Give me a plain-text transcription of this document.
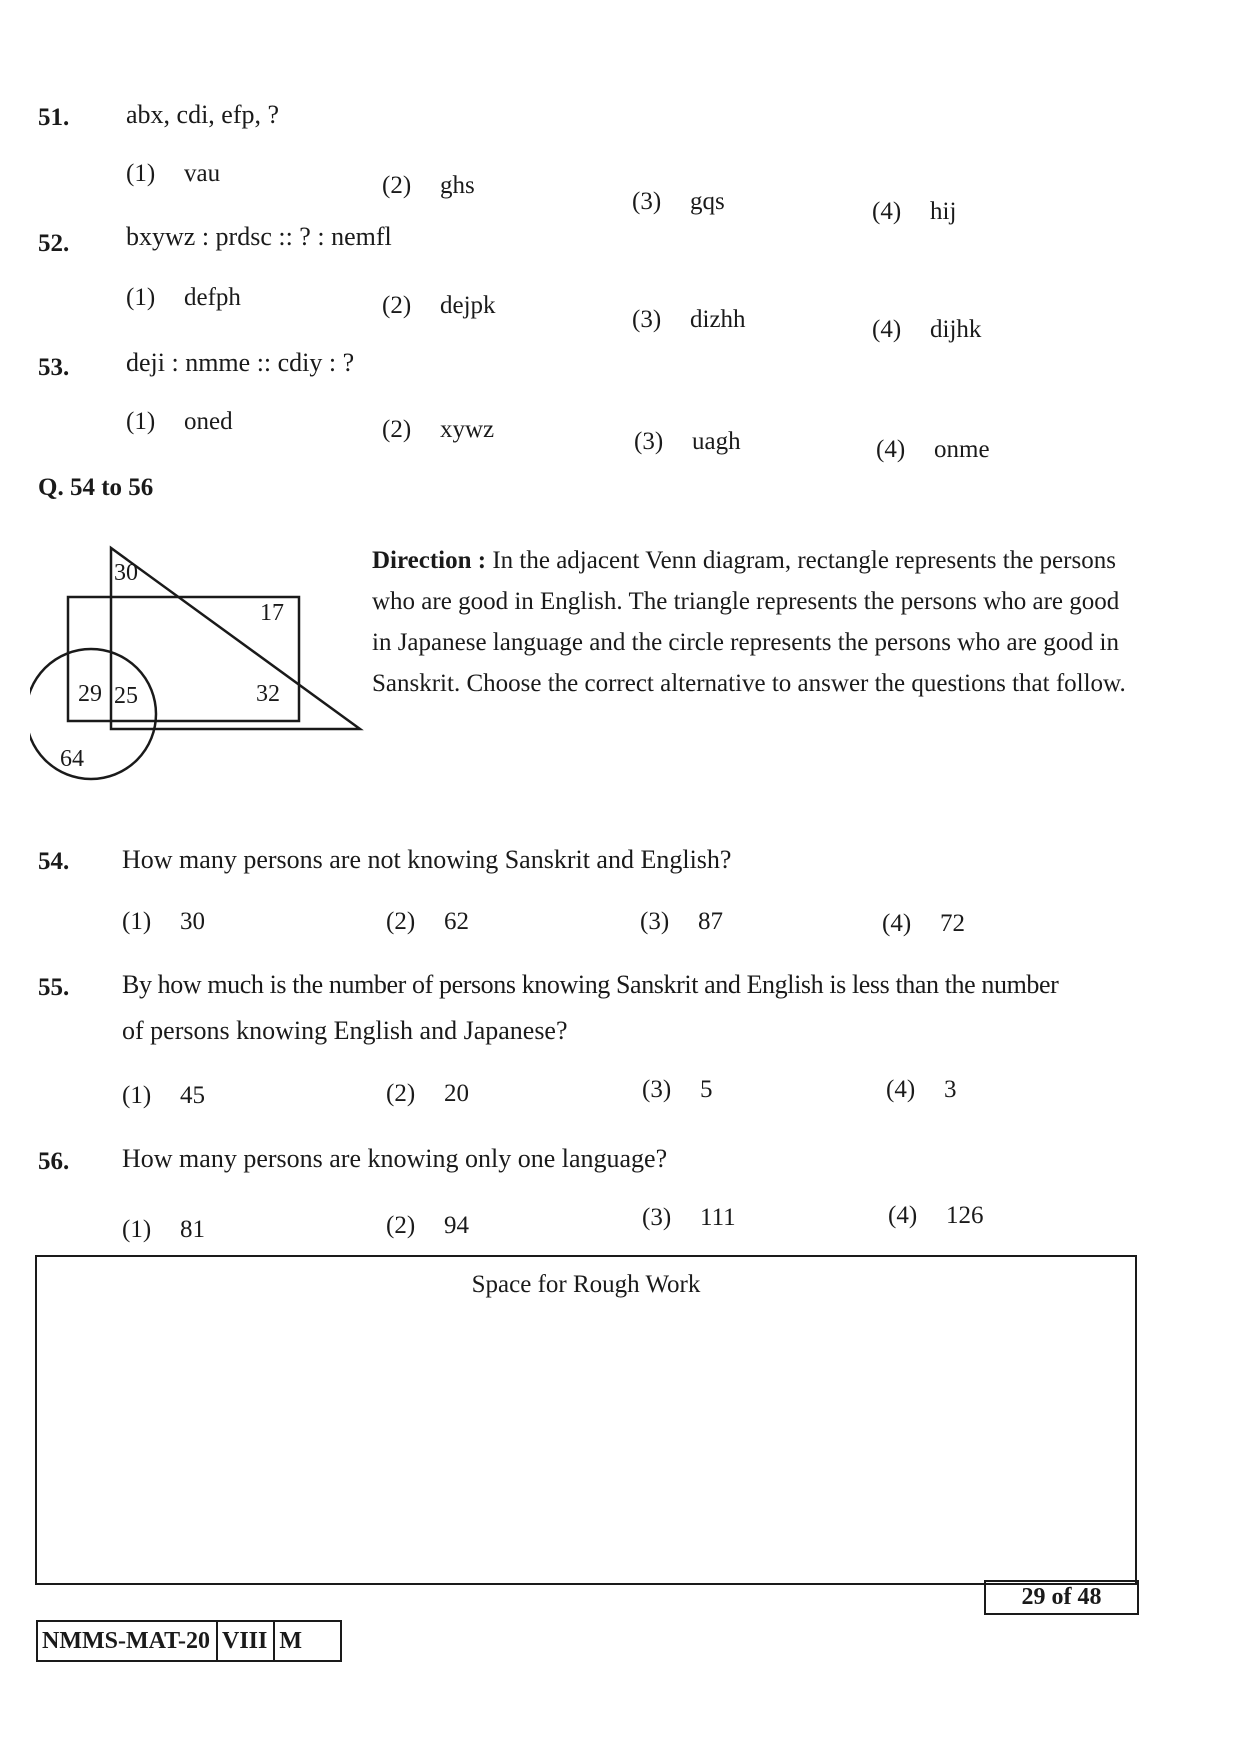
51. abx, cdi, efp, ?
(1) vau	(2) ghs
(3) gqs	(4) hij
52. bxywz : prdsc :: ? : nemfl
(1) defph	(2) dejpk
(3) dizhh	(4) dijhk
53. deji : nmme :: cdiy : ?
(1) oned	(2) xywz	(3) uagh	(4) onme
Q. 54 to 56
30
17
29 25	32
64
Direction : In the adjacent Venn diagram, rectangle represents the persons who are good in English. The triangle represents the persons who are good in Japanese language and the circle represents the persons who are good in Sanskrit. Choose the correct alternative to answer the questions that follow.
54. How many persons are not knowing Sanskrit and English?
(1) 30	(2) 62	(3) 87	(4) 72
55. By how much is the number of persons knowing Sanskrit and English is less than the number
of persons knowing English and Japanese?
(1) 45	(2) 20	(3) 5	(4) 3
56. How many persons are knowing only one language?
(1) 81	(2) 94	(3) 111	(4) 126
Space for Rough Work
29 of 48
NMMS-MAT-20 VIII M
